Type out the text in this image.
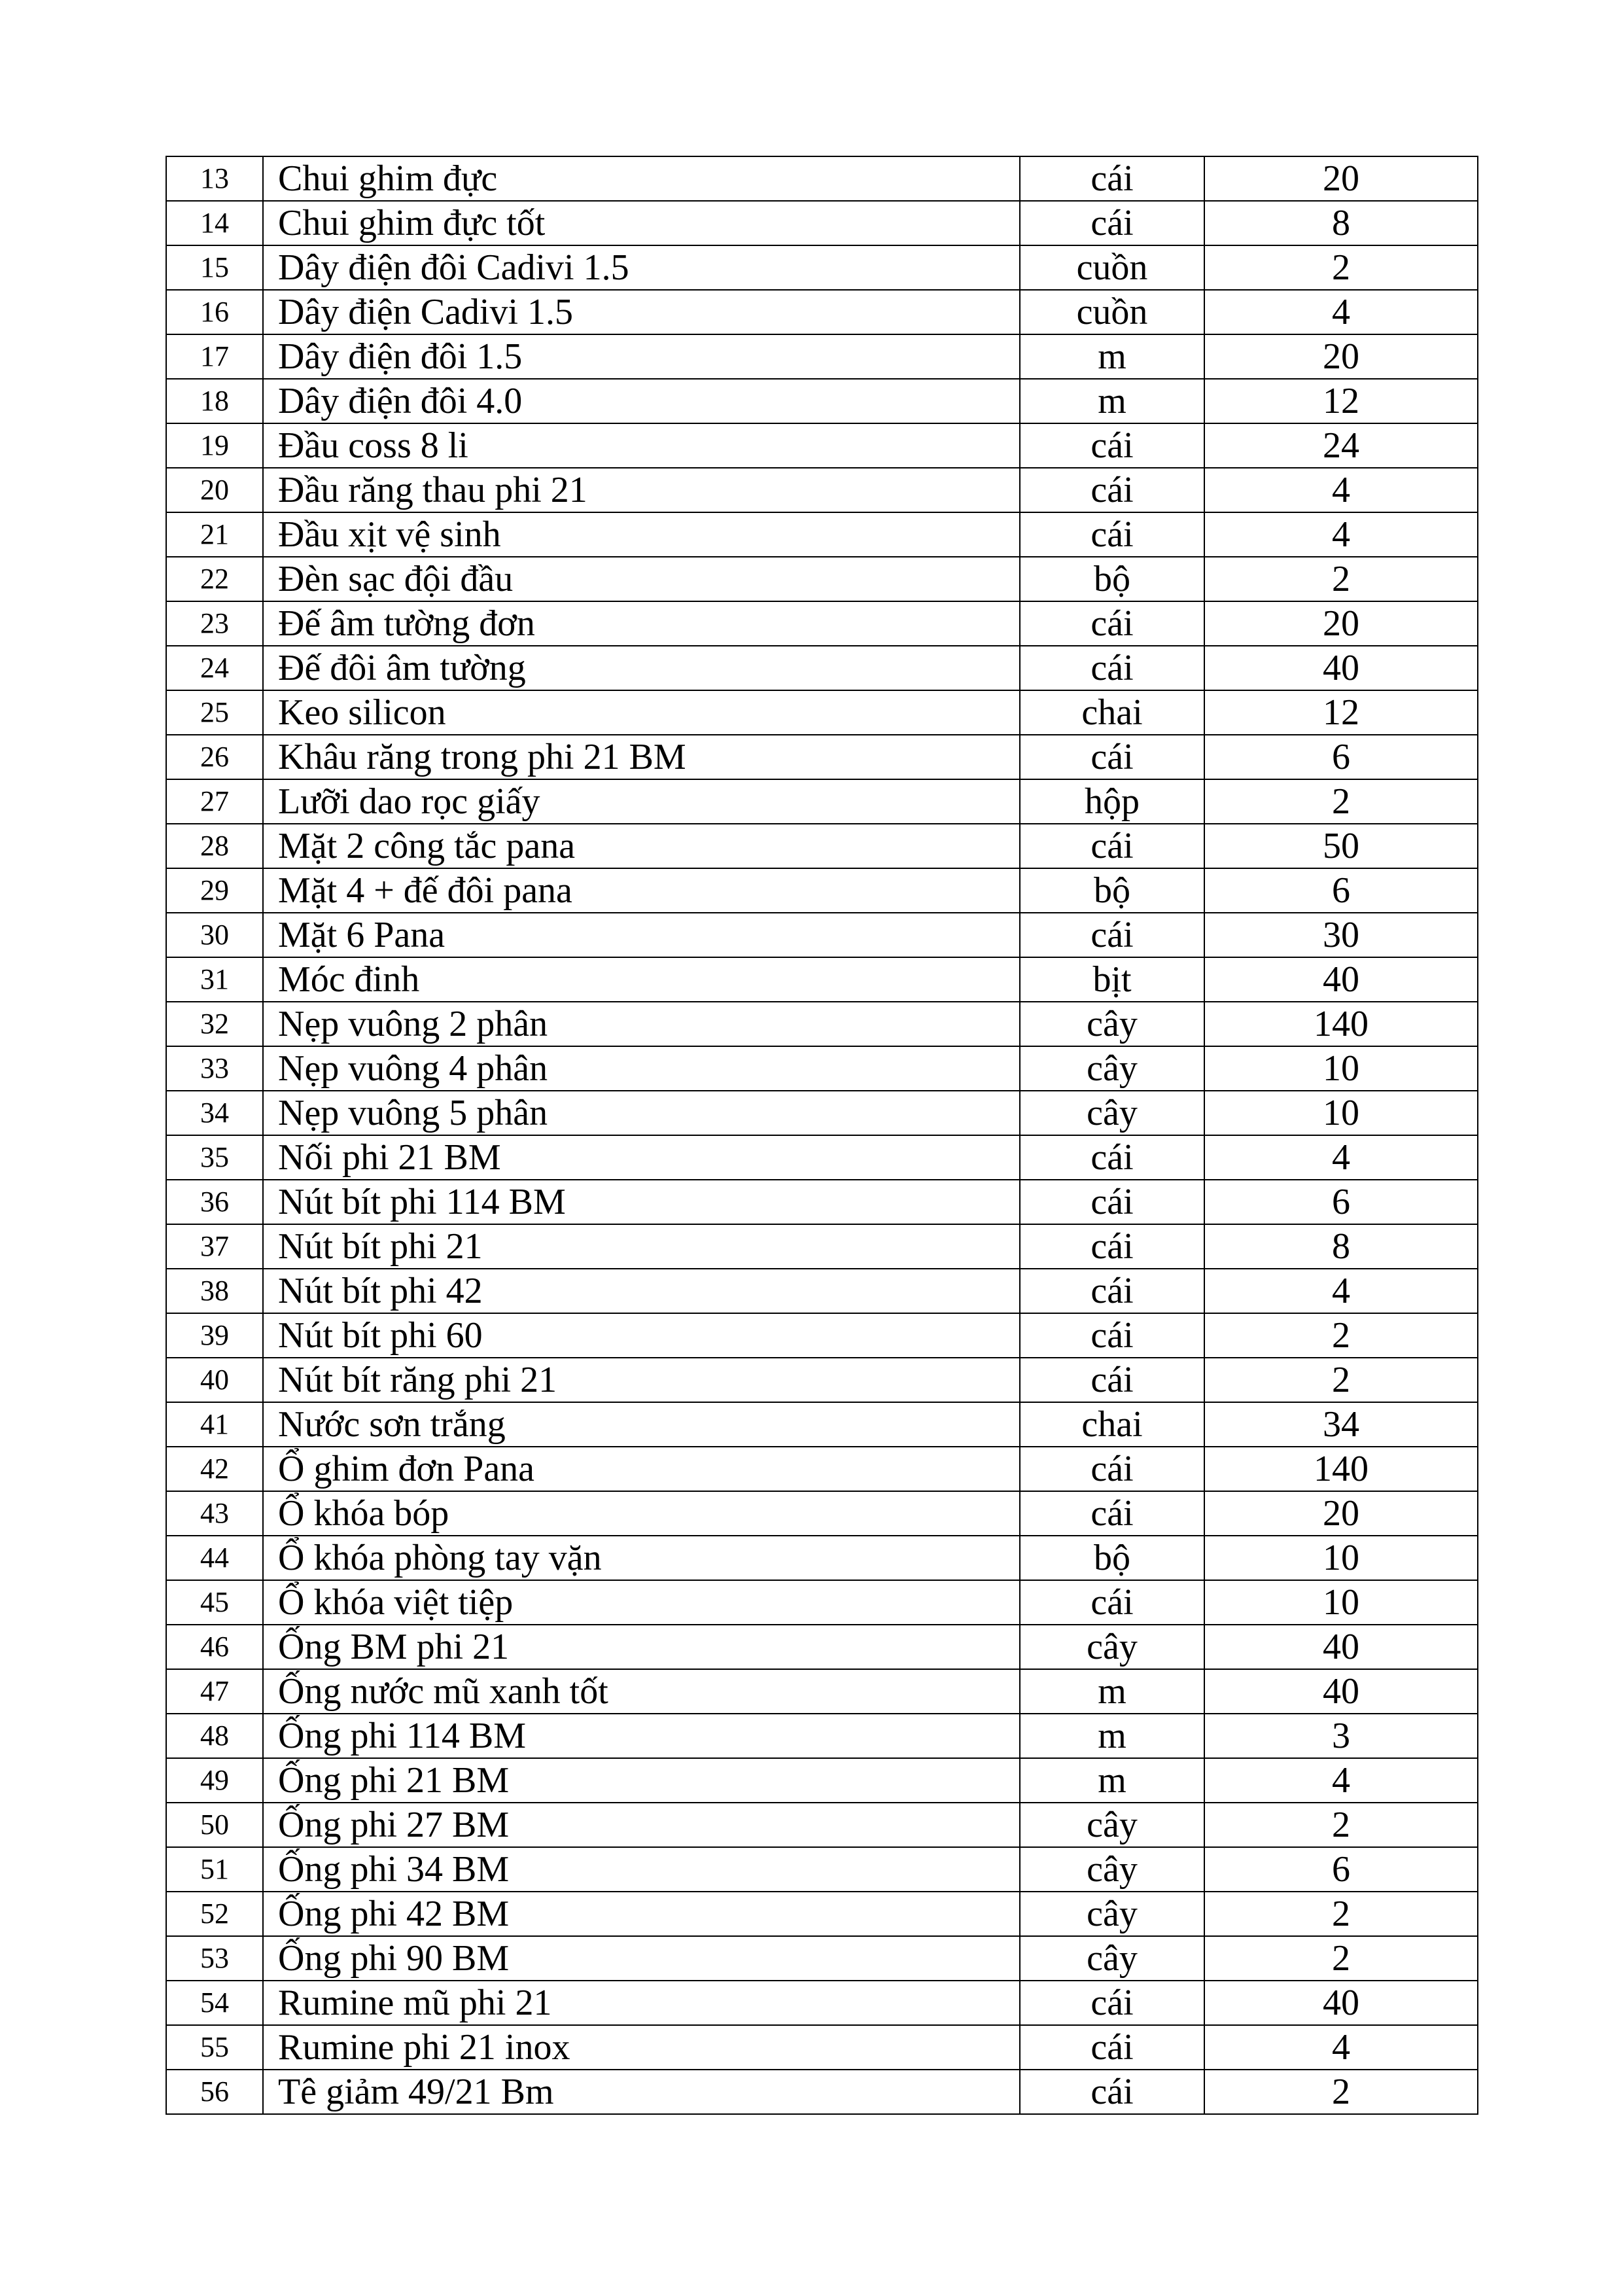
13	Chui ghim đực	cái	20
14	Chui ghim đực tốt	cái	8
15	Dây điện đôi Cadivi 1.5	cuồn	2
16	Dây điện Cadivi 1.5	cuồn	4
17	Dây điện đôi 1.5	m	20
18	Dây điện đôi 4.0	m	12
19	Đầu coss 8 li	cái	24
20	Đầu răng thau phi 21	cái	4
21	Đầu xịt vệ sinh	cái	4
22	Đèn sạc đội đầu	bộ	2
23	Đế âm tường đơn	cái	20
24	Đế đôi âm tường	cái	40
25	Keo silicon	chai	12
26	Khâu răng trong phi 21 BM	cái	6
27	Lưỡi dao rọc giấy	hộp	2
28	Mặt 2 công tắc pana	cái	50
29	Mặt 4 + đế đôi pana	bộ	6
30	Mặt 6 Pana	cái	30
31	Móc đinh	bịt	40
32	Nẹp vuông 2 phân	cây	140
33	Nẹp vuông 4 phân	cây	10
34	Nẹp vuông 5 phân	cây	10
35	Nối phi 21 BM	cái	4
36	Nút bít phi 114 BM	cái	6
37	Nút bít phi 21	cái	8
38	Nút bít phi 42	cái	4
39	Nút bít phi 60	cái	2
40	Nút bít răng phi 21	cái	2
41	Nước sơn trắng	chai	34
42	Ổ ghim đơn Pana	cái	140
43	Ổ khóa bóp	cái	20
44	Ổ khóa phòng tay vặn	bộ	10
45	Ổ khóa việt tiệp	cái	10
46	Ống BM phi 21	cây	40
47	Ống nước mũ xanh tốt	m	40
48	Ống phi 114 BM	m	3
49	Ống phi 21 BM	m	4
50	Ống phi 27 BM	cây	2
51	Ống phi 34 BM	cây	6
52	Ống phi 42 BM	cây	2
53	Ống phi 90 BM	cây	2
54	Rumine mũ phi 21	cái	40
55	Rumine phi 21 inox	cái	4
56	Tê giảm 49/21 Bm	cái	2
